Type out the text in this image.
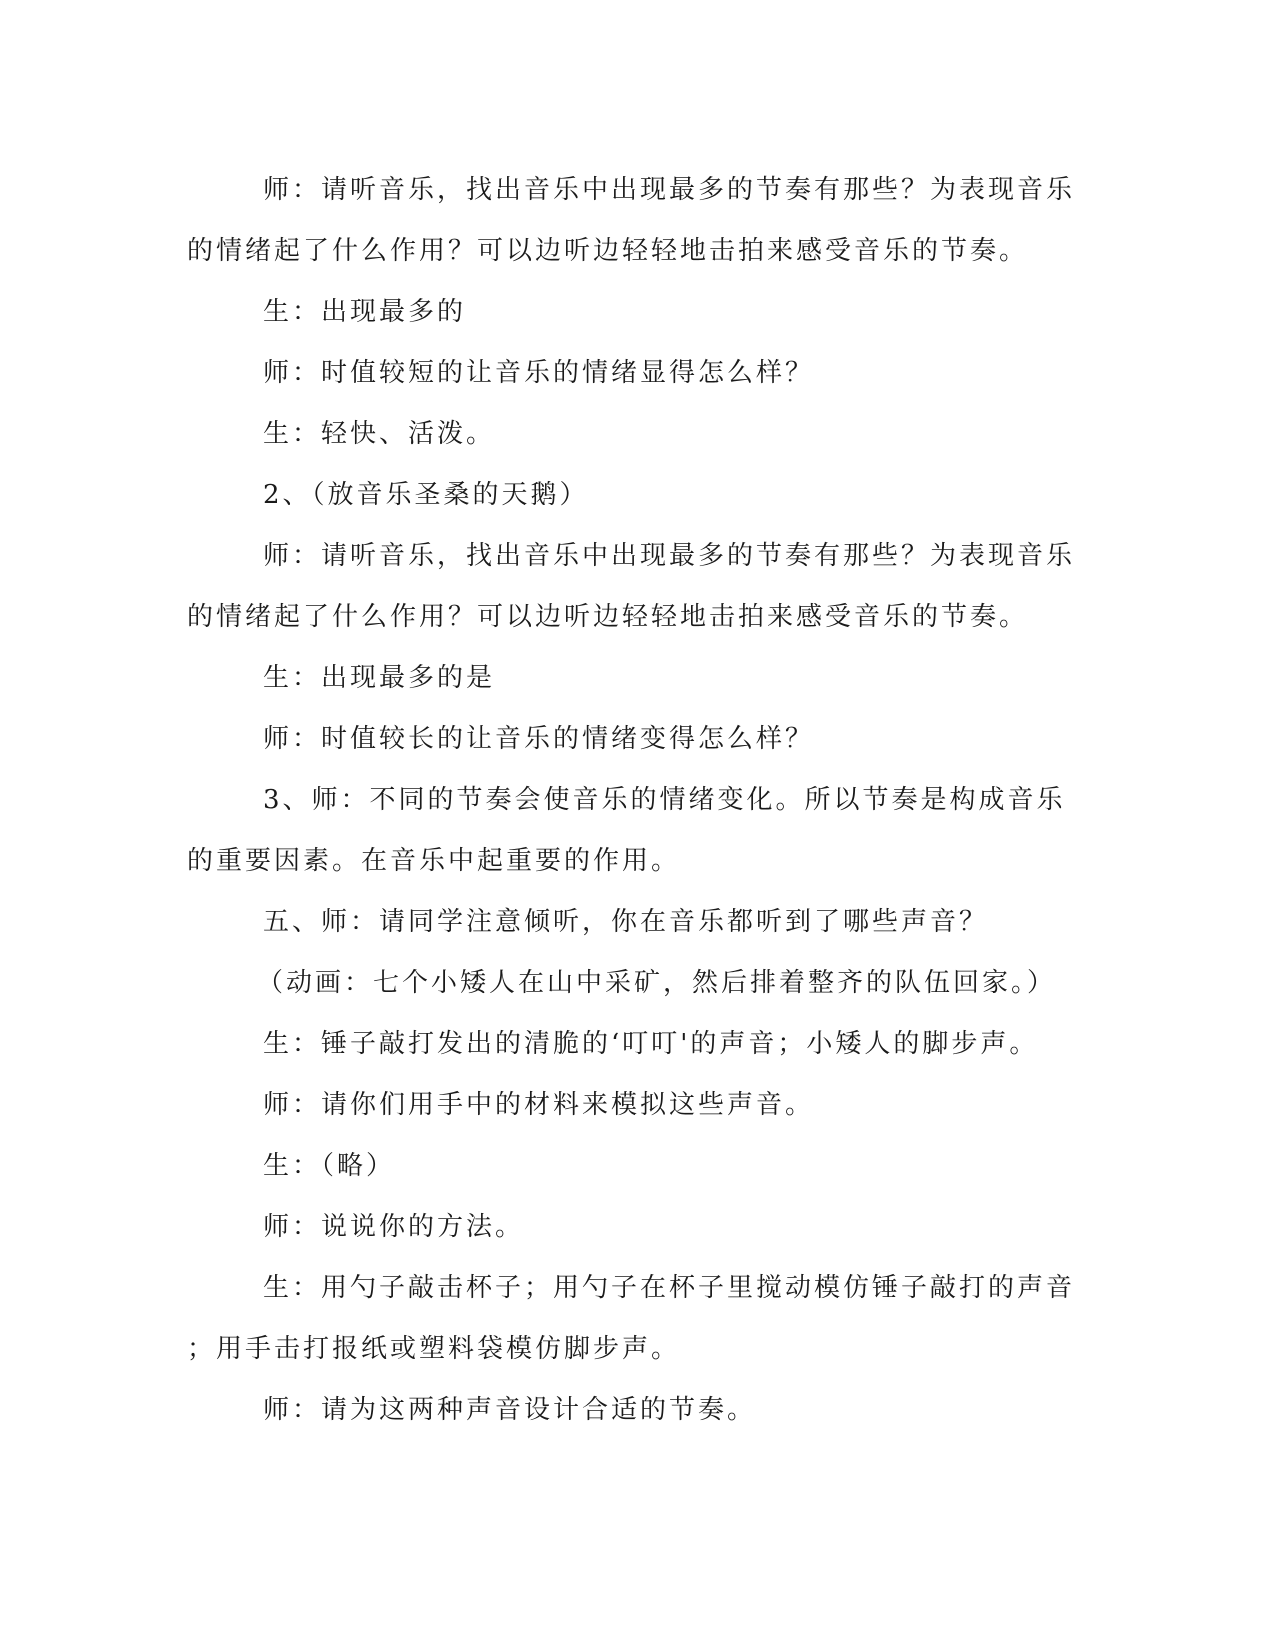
师：请听音乐，找出音乐中出现最多的节奏有那些？为表现音乐
的情绪起了什么作用？可以边听边轻轻地击拍来感受音乐的节奏。
生：出现最多的
师：时值较短的让音乐的情绪显得怎么样？
生：轻快、活泼。
2、（放音乐圣桑的天鹅）
师：请听音乐，找出音乐中出现最多的节奏有那些？为表现音乐
的情绪起了什么作用？可以边听边轻轻地击拍来感受音乐的节奏。
生：出现最多的是
师：时值较长的让音乐的情绪变得怎么样？
3、师：不同的节奏会使音乐的情绪变化。所以节奏是构成音乐
的重要因素。在音乐中起重要的作用。
五、师：请同学注意倾听，你在音乐都听到了哪些声音？
（动画：七个小矮人在山中采矿，然后排着整齐的队伍回家。）
生：锤子敲打发出的清脆的‘叮叮'的声音；小矮人的脚步声。
师：请你们用手中的材料来模拟这些声音。
生：（略）
师：说说你的方法。
生：用勺子敲击杯子；用勺子在杯子里搅动模仿锤子敲打的声音
；用手击打报纸或塑料袋模仿脚步声。
师：请为这两种声音设计合适的节奏。
